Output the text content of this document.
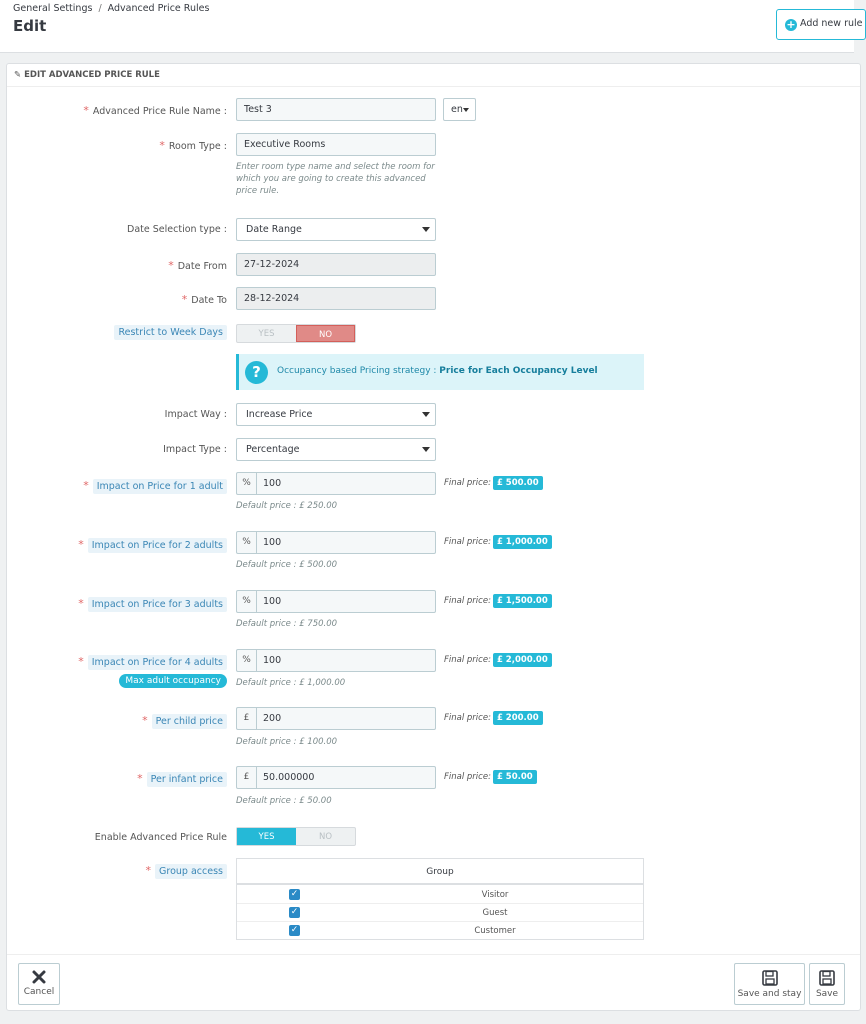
General Settings / Advanced Price Rules
Edit	+ Add new rule
✎ EDIT ADVANCED PRICE RULE
* Advanced Price Rule Name :	Test 3	en
* Room Type :	Executive Rooms
Enter room type name and select the room for
which you are going to create this advanced
price rule.
Date Selection type :	Date Range
* Date From	27-12-2024
* Date To	28-12-2024
Restrict to Week Days	YES	NO
?	Occupancy based Pricing strategy : Price for Each Occupancy Level
Impact Way :	Increase Price
Impact Type :	Percentage
* Impact on Price for 1 adult	%	100	Final price: £ 500.00
Default price : £ 250.00
* Impact on Price for 2 adults	%	100	Final price: £ 1,000.00
Default price : £ 500.00
* Impact on Price for 3 adults	%	100	Final price: £ 1,500.00
Default price : £ 750.00
* Impact on Price for 4 adults	%	100	Final price: £ 2,000.00
Max adult occupancy	Default price : £ 1,000.00
* Per child price	£	200	Final price: £ 200.00
Default price : £ 100.00
* Per infant price	£	50.000000	Final price: £ 50.00
Default price : £ 50.00
Enable Advanced Price Rule	YES	NO
* Group access	Group
✓	Visitor
✓	Guest
✓	Customer
Cancel	Save and stay	Save
